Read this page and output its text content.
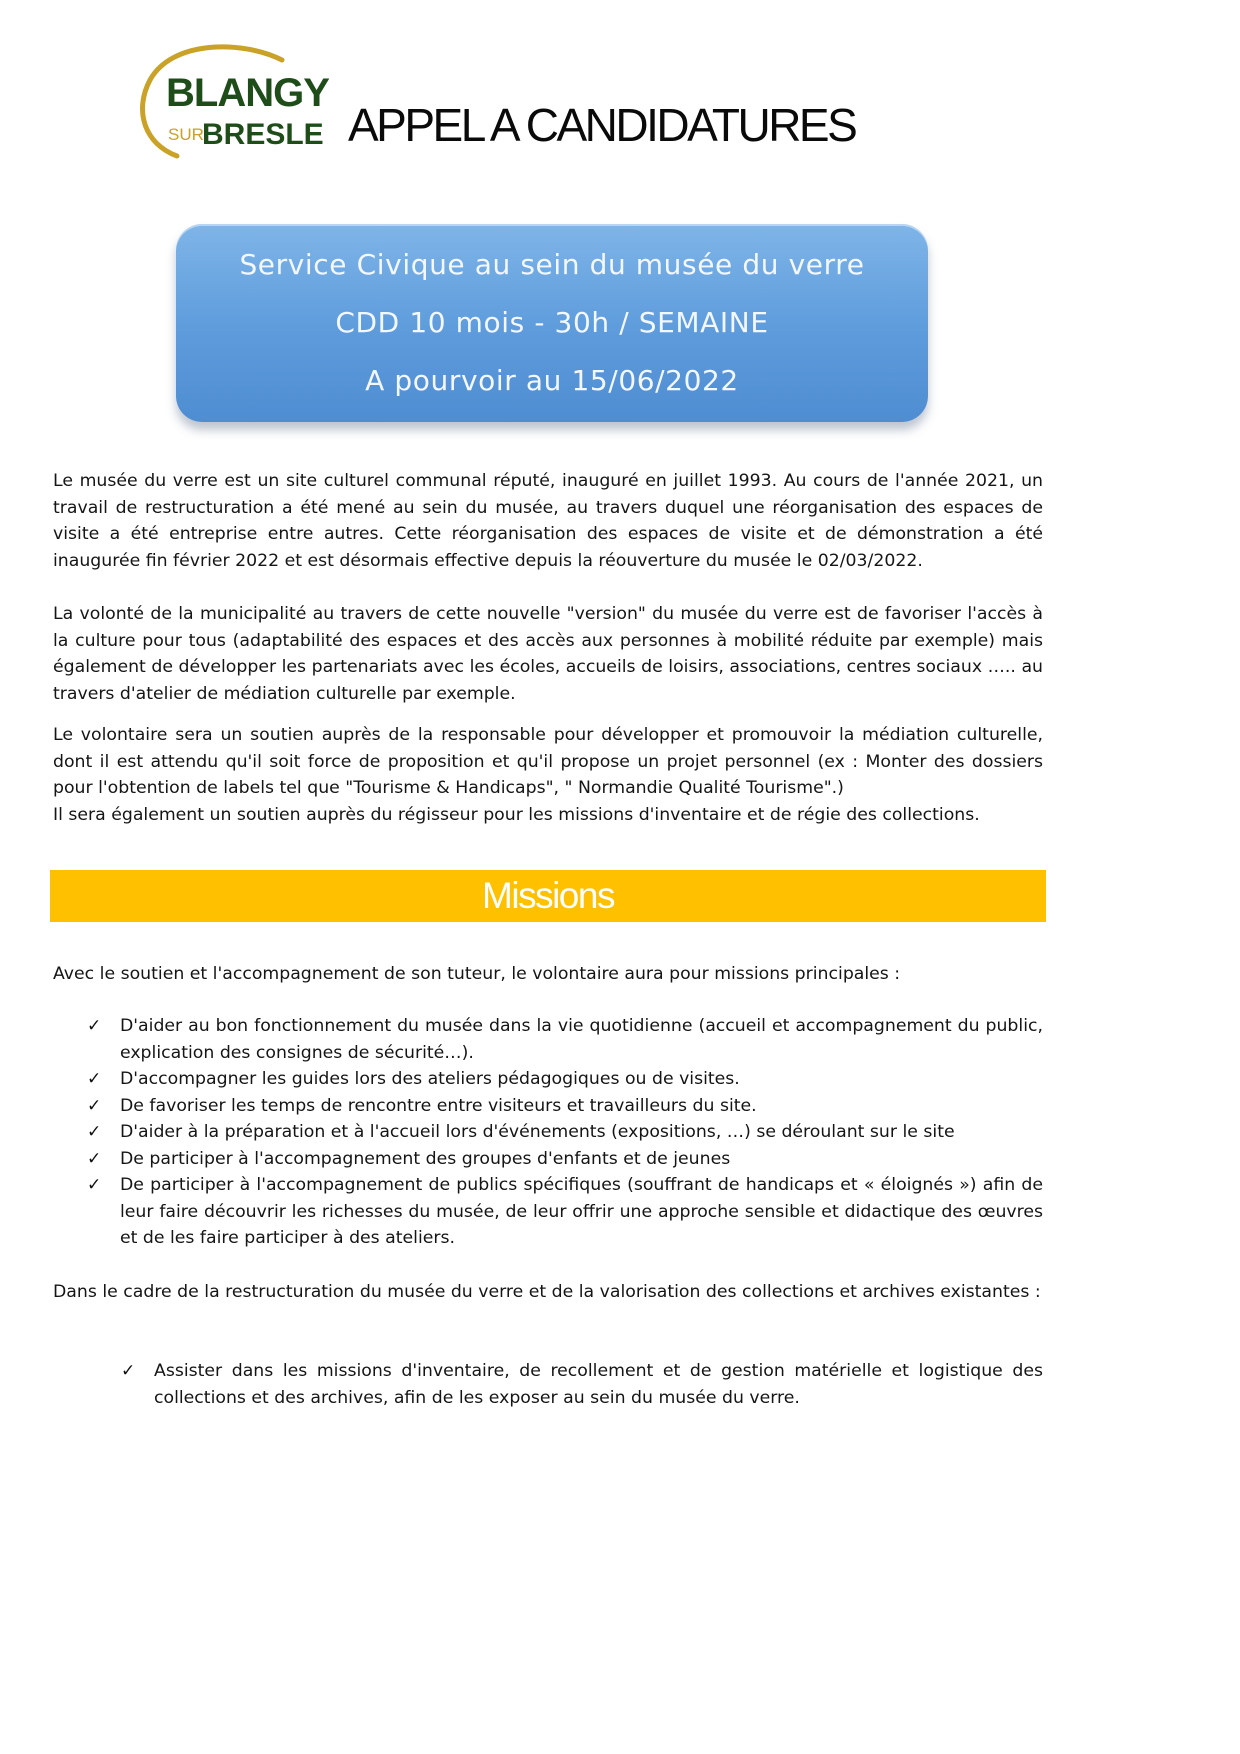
BLANGY
SUR
BRESLE APPEL A CANDIDATURES
Service Civique au sein du musée du verre
CDD 10 mois - 30h / SEMAINE
A pourvoir au 15/06/2022

Le musée du verre est un site culturel communal réputé, inauguré en juillet 1993. Au cours de l'année 2021, un travail de restructuration a été mené au sein du musée, au travers duquel une réorganisation des espaces de visite a été entreprise entre autres. Cette réorganisation des espaces de visite et de démonstration a été inaugurée fin février 2022 et est désormais effective depuis la réouverture du musée le 02/03/2022.

La volonté de la municipalité au travers de cette nouvelle "version" du musée du verre est de favoriser l'accès à la culture pour tous (adaptabilité des espaces et des accès aux personnes à mobilité réduite par exemple) mais également de développer les partenariats avec les écoles, accueils de loisirs, associations, centres sociaux ….. au travers d'atelier de médiation culturelle par exemple.

Le volontaire sera un soutien auprès de la responsable pour développer et promouvoir la médiation culturelle, dont il est attendu qu'il soit force de proposition et qu'il propose un projet personnel (ex : Monter des dossiers pour l'obtention de labels tel que "Tourisme & Handicaps", " Normandie Qualité Tourisme".)

Il sera également un soutien auprès du régisseur pour les missions d'inventaire et de régie des collections.

Missions

Avec le soutien et l'accompagnement de son tuteur, le volontaire aura pour missions principales :

✓ D'aider au bon fonctionnement du musée dans la vie quotidienne (accueil et accompagnement du public, explication des consignes de sécurité…).
✓ D'accompagner les guides lors des ateliers pédagogiques ou de visites.
✓ De favoriser les temps de rencontre entre visiteurs et travailleurs du site.
✓ D'aider à la préparation et à l'accueil lors d'événements (expositions, …) se déroulant sur le site
✓ De participer à l'accompagnement des groupes d'enfants et de jeunes
✓ De participer à l'accompagnement de publics spécifiques (souffrant de handicaps et « éloignés ») afin de leur faire découvrir les richesses du musée, de leur offrir une approche sensible et didactique des œuvres et de les faire participer à des ateliers.

Dans le cadre de la restructuration du musée du verre et de la valorisation des collections et archives existantes :

✓ Assister dans les missions d'inventaire, de recollement et de gestion matérielle et logistique des collections et des archives, afin de les exposer au sein du musée du verre.
